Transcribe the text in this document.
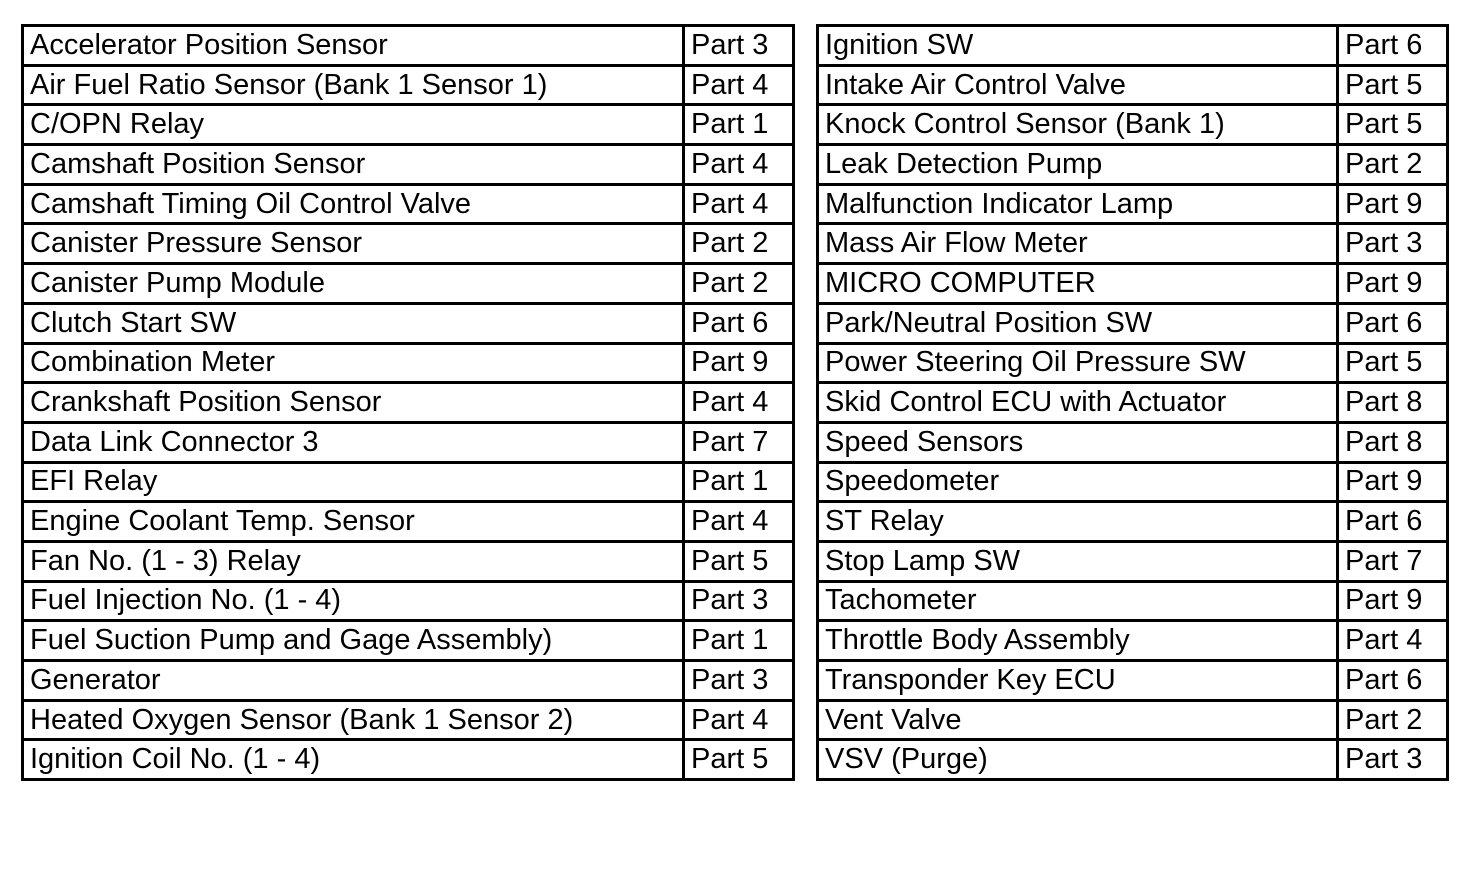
Accelerator Position Sensor	Part 3
Air Fuel Ratio Sensor (Bank 1 Sensor 1)	Part 4
C/OPN Relay	Part 1
Camshaft Position Sensor	Part 4
Camshaft Timing Oil Control Valve	Part 4
Canister Pressure Sensor	Part 2
Canister Pump Module	Part 2
Clutch Start SW	Part 6
Combination Meter	Part 9
Crankshaft Position Sensor	Part 4
Data Link Connector 3	Part 7
EFI Relay	Part 1
Engine Coolant Temp. Sensor	Part 4
Fan No. (1 - 3) Relay	Part 5
Fuel Injection No. (1 - 4)	Part 3
Fuel Suction Pump and Gage Assembly)	Part 1
Generator	Part 3
Heated Oxygen Sensor (Bank 1 Sensor 2)	Part 4
Ignition Coil No. (1 - 4)	Part 5
Ignition SW	Part 6
Intake Air Control Valve	Part 5
Knock Control Sensor (Bank 1)	Part 5
Leak Detection Pump	Part 2
Malfunction Indicator Lamp	Part 9
Mass Air Flow Meter	Part 3
MICRO COMPUTER	Part 9
Park/Neutral Position SW	Part 6
Power Steering Oil Pressure SW	Part 5
Skid Control ECU with Actuator	Part 8
Speed Sensors	Part 8
Speedometer	Part 9
ST Relay	Part 6
Stop Lamp SW	Part 7
Tachometer	Part 9
Throttle Body Assembly	Part 4
Transponder Key ECU	Part 6
Vent Valve	Part 2
VSV (Purge)	Part 3
